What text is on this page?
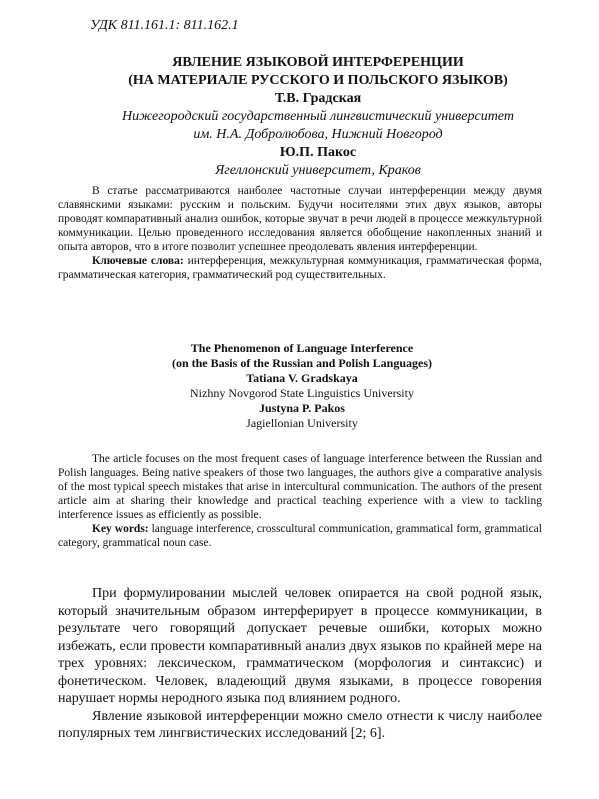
УДК 811.161.1: 811.162.1

ЯВЛЕНИЕ ЯЗЫКОВОЙ ИНТЕРФЕРЕНЦИИ

(НА МАТЕРИАЛЕ РУССКОГО И ПОЛЬСКОГО ЯЗЫКОВ)

Т.В. Градская

Нижегородский государственный лингвистический университет

им. Н.А. Добролюбова, Нижний Новгород

Ю.П. Пакос

Ягеллонский университет, Краков

В статье рассматриваются наиболее частотные случаи интерференции между двумя славянскими языками: русским и польским. Будучи носителями этих двух языков, авторы проводят компаративный анализ ошибок, которые звучат в речи людей в процессе межкультурной коммуникации. Целью проведенного исследования является обобщение накопленных знаний и опыта авторов, что в итоге позволит успешнее преодолевать явления интерференции.

Ключевые слова: интерференция, межкультурная коммуникация, грамматическая форма, грамматическая категория, грамматический род существительных.

The Phenomenon of Language Interference

(on the Basis of the Russian and Polish Languages)

Tatiana V. Gradskaya

Nizhny Novgorod State Linguistics University

Justyna P. Pakos

Jagiellonian University

The article focuses on the most frequent cases of language interference between the Russian and Polish languages. Being native speakers of those two languages, the authors give a comparative analysis of the most typical speech mistakes that arise in intercultural communication. The authors of the present article aim at sharing their knowledge and practical teaching experience with a view to tackling interference issues as efficiently as possible.

Key words: language interference, crosscultural communication, grammatical form, grammatical category, grammatical noun case.

При формулировании мыслей человек опирается на свой родной язык, который значительным образом интерферирует в процессе коммуникации, в результате чего говорящий допускает речевые ошибки, которых можно избежать, если провести компаративный анализ двух языков по крайней мере на трех уровнях: лексическом, грамматическом (морфология и синтаксис) и фонетическом. Человек, владеющий двумя языками, в процессе говорения нарушает нормы неродного языка под влиянием родного.

Явление языковой интерференции можно смело отнести к числу наиболее популярных тем лингвистических исследований [2; 6].
